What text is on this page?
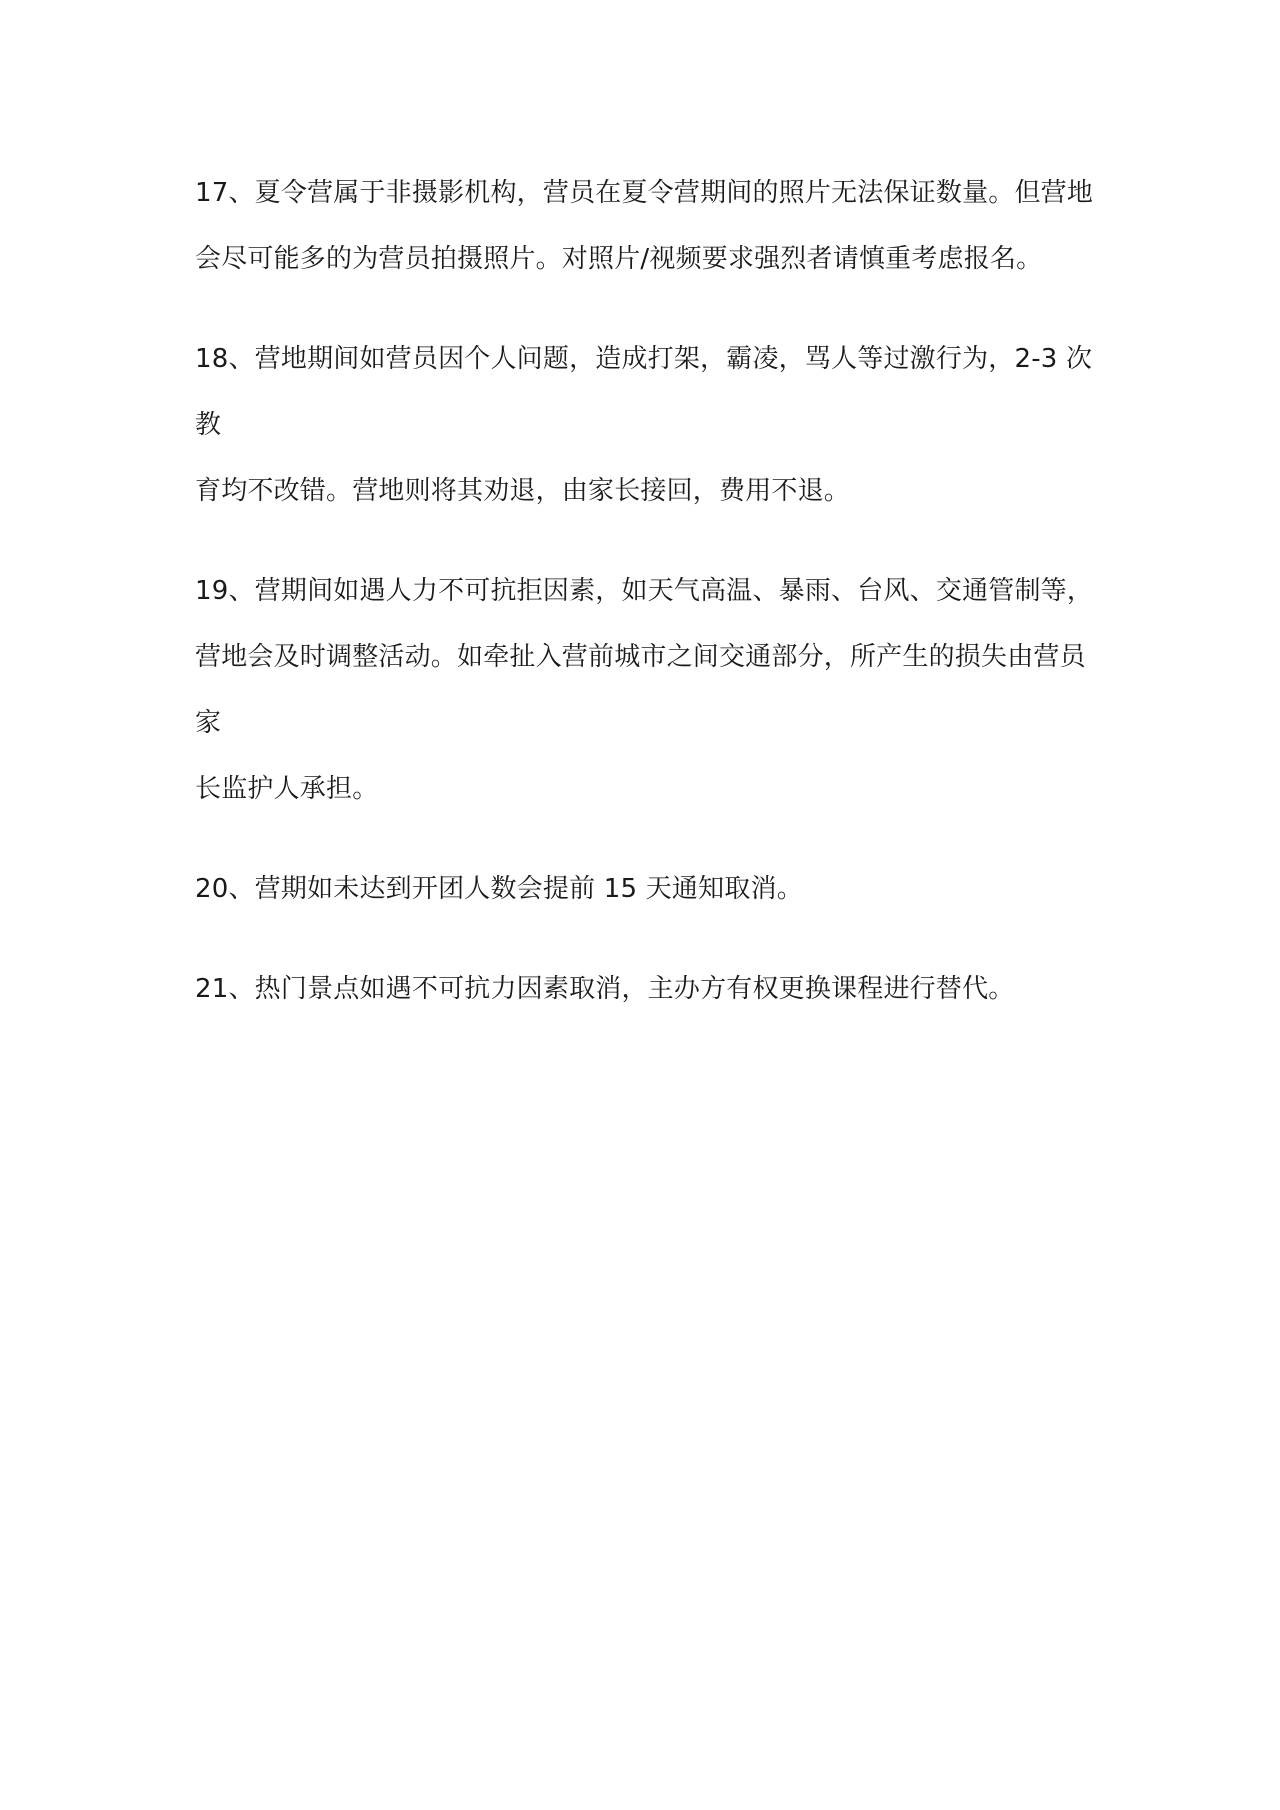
17、夏令营属于非摄影机构，营员在夏令营期间的照片无法保证数量。但营地
会尽可能多的为营员拍摄照片。对照片/视频要求强烈者请慎重考虑报名。

18、营地期间如营员因个人问题，造成打架，霸凌，骂人等过激行为，2-3 次教
育均不改错。营地则将其劝退，由家长接回，费用不退。

19、营期间如遇人力不可抗拒因素，如天气高温、暴雨、台风、交通管制等，
营地会及时调整活动。如牵扯入营前城市之间交通部分，所产生的损失由营员家
长监护人承担。

20、营期如未达到开团人数会提前 15 天通知取消。

21、热门景点如遇不可抗力因素取消，主办方有权更换课程进行替代。
